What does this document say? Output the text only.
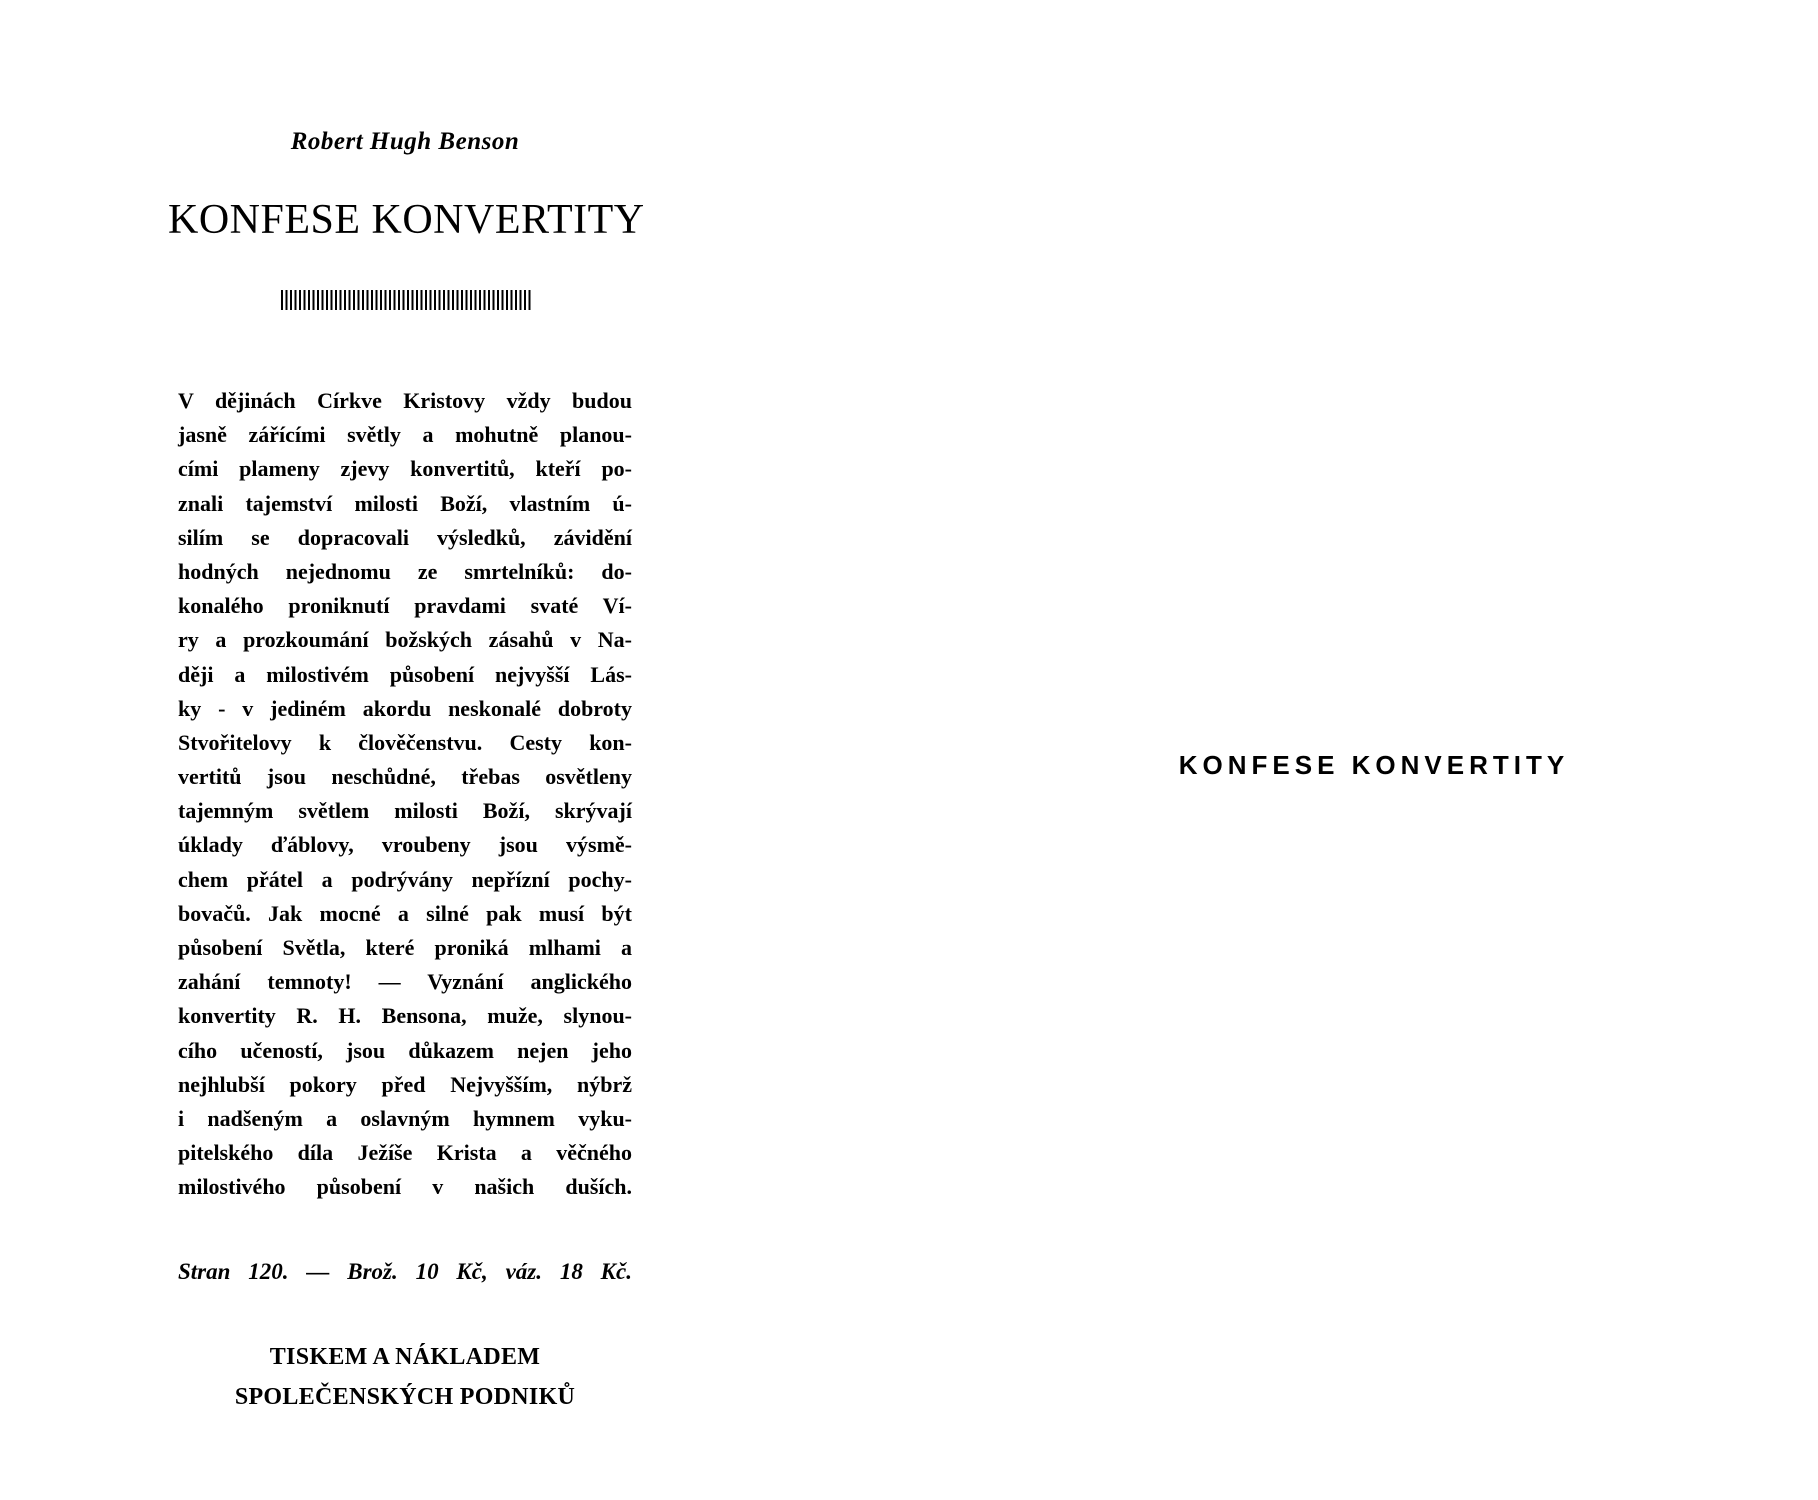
Robert Hugh Benson
KONFESE KONVERTITY
V dějinách Církve Kristovy vždy budou
jasně zářícími světly a mohutně planou-
cími plameny zjevy konvertitů, kteří po-
znali tajemství milosti Boží, vlastním ú-
silím se dopracovali výsledků, závidění
hodných nejednomu ze smrtelníků: do-
konalého proniknutí pravdami svaté Ví-
ry a prozkoumání božských zásahů v Na-
ději a milostivém působení nejvyšší Lás-
ky - v jediném akordu neskonalé dobroty
Stvořitelovy k člověčenstvu. Cesty kon-
vertitů jsou neschůdné, třebas osvětleny
tajemným světlem milosti Boží, skrývají
úklady ďáblovy, vroubeny jsou výsmě-
chem přátel a podrývány nepřízní pochy-
bovačů. Jak mocné a silné pak musí být
působení Světla, které proniká mlhami a
zahání temnoty! — Vyznání anglického
konvertity R. H. Bensona, muže, slynou-
cího učeností, jsou důkazem nejen jeho
nejhlubší pokory před Nejvyšším, nýbrž
i nadšeným a oslavným hymnem vyku-
pitelského díla Ježíše Krista a věčného
milostivého působení v našich duších.
Stran 120. — Brož. 10 Kč, váz. 18 Kč.
TISKEM A NÁKLADEM
SPOLEČENSKÝCH PODNIKŮ
KONFESE KONVERTITY
